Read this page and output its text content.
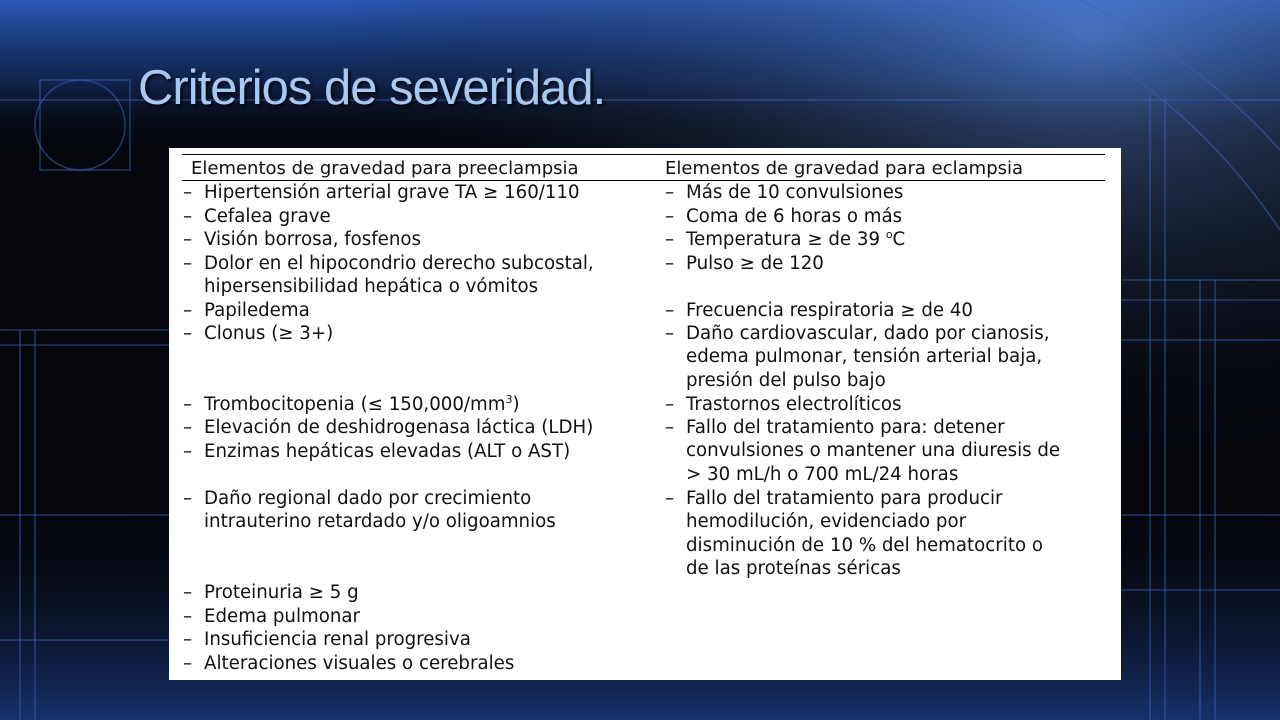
Criterios de severidad.
Elementos de gravedad para preeclampsia	Elementos de gravedad para eclampsia
– Hipertensión arterial grave TA ≥ 160/110
– Cefalea grave
– Visión borrosa, fosfenos
– Dolor en el hipocondrio derecho subcostal,
hipersensibilidad hepática o vómitos
– Papiledema
– Clonus (≥ 3+)
– Trombocitopenia (≤ $150,000/mm^3$)
– Elevación de deshidrogenasa láctica (LDH)
– Enzimas hepáticas elevadas (ALT o AST)
– Daño regional dado por crecimiento
intrauterino retardado y/o oligoamnios
– Proteinuria ≥ 5 g
– Edema pulmonar
– Insuficiencia renal progresiva
– Alteraciones visuales o cerebrales
– Más de 10 convulsiones
– Coma de 6 horas o más
– Temperatura ≥ de 39 $^o$C
– Pulso ≥ de 120
– Frecuencia respiratoria ≥ de 40
– Daño cardiovascular, dado por cianosis,
edema pulmonar, tensión arterial baja,
presión del pulso bajo
– Trastornos electrolíticos
– Fallo del tratamiento para: detener
convulsiones o mantener una diuresis de
> 30 mL/h o 700 mL/24 horas
– Fallo del tratamiento para producir
hemodilución, evidenciado por
disminución de 10 % del hematocrito o
de las proteínas séricas
